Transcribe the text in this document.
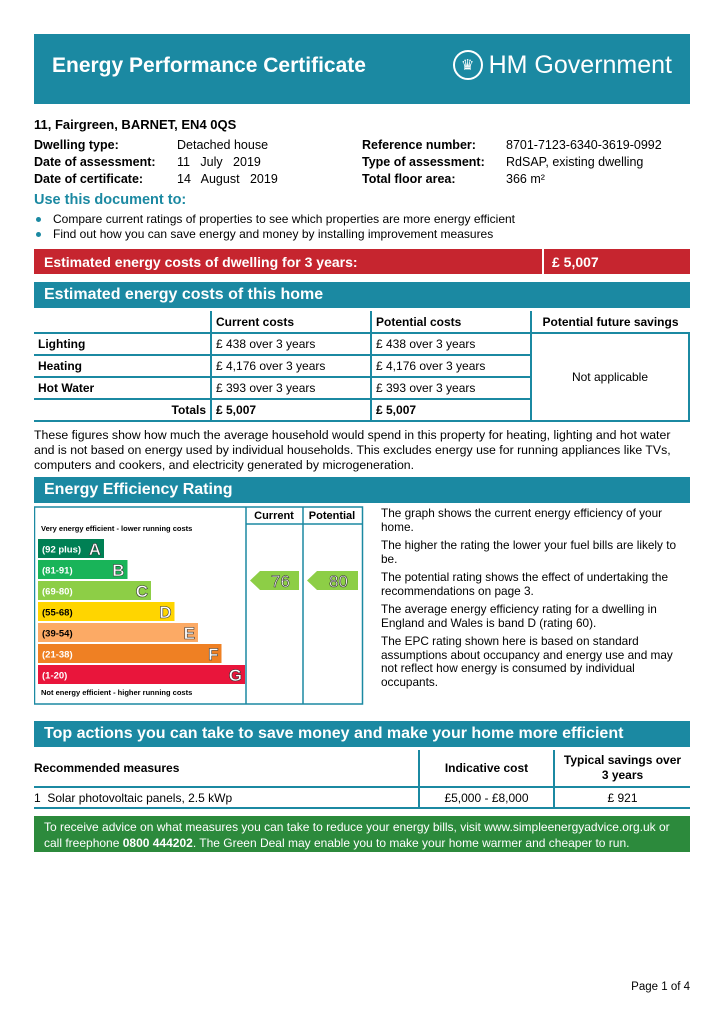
Energy Performance Certificate	♛ HM Government
11, Fairgreen, BARNET, EN4 0QS
Dwelling type:	Detached house
Date of assessment:	11   July   2019
Date of certificate:	14   August   2019
Reference number:	8701-7123-6340-3619-0992
Type of assessment:	RdSAP, existing dwelling
Total floor area:	366 m²
Use this document to:
Compare current ratings of properties to see which properties are more energy efficient
Find out how you can save energy and money by installing improvement measures
Estimated energy costs of dwelling for 3 years:	£ 5,007
Estimated energy costs of this home
	Current costs	Potential costs	Potential future savings
Lighting	£ 438 over 3 years	£ 438 over 3 years	Not applicable
Heating	£ 4,176 over 3 years	£ 4,176 over 3 years	
Hot Water	£ 393 over 3 years	£ 393 over 3 years	
Totals	£ 5,007	£ 5,007	
These figures show how much the average household would spend in this property for heating, lighting and hot water and is not based on energy used by individual households. This excludes energy use for running appliances like TVs, computers and cookers, and electricity generated by microgeneration.
Energy Efficiency Rating
Current Potential
Very energy efficient - lower running costs
Not energy efficient - higher running costs
(92 plus) A
(81-91) B
(69-80)	C
(55-68)	D
(39-54)	E
(21-38)	F
(1-20)	G
76 80

The graph shows the current energy efficiency of your home.

The higher the rating the lower your fuel bills are likely to be.

The potential rating shows the effect of undertaking the recommendations on page 3.

The average energy efficiency rating for a dwelling in England and Wales is band D (rating 60).

The EPC rating shown here is based on standard assumptions about occupancy and energy use and may not reflect how energy is consumed by individual occupants.

Top actions you can take to save money and make your home more efficient
Recommended measures	Indicative cost	Typical savings over 3 years
1 Solar photovoltaic panels, 2.5 kWp	£5,000 - £8,000	£ 921
To receive advice on what measures you can take to reduce your energy bills, visit www.simpleenergyadvice.org.uk or
call freephone 0800 444202. The Green Deal may enable you to make your home warmer and cheaper to run.
Page 1 of 4
